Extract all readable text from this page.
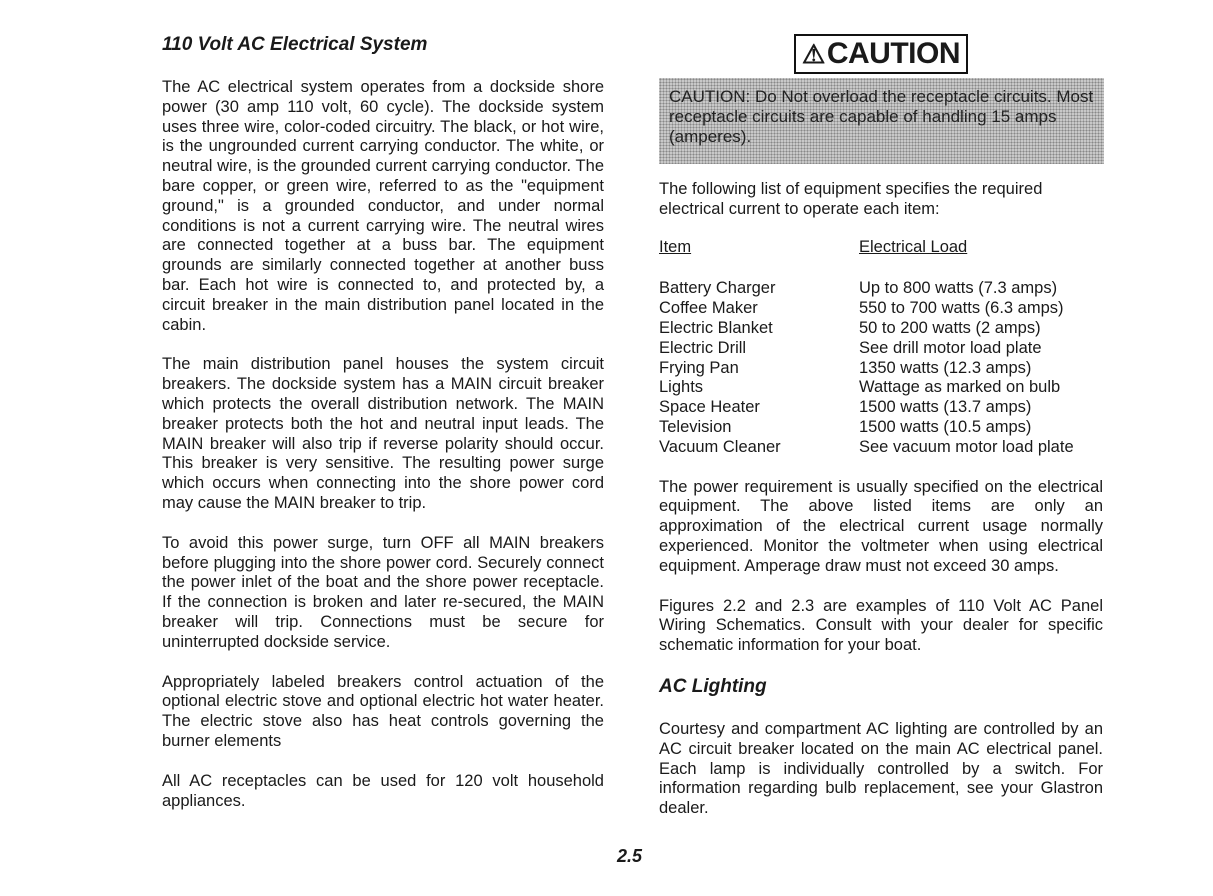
110 Volt AC Electrical System

The AC electrical system operates from a dockside shore power (30 amp 110 volt, 60 cycle). The dockside system uses three wire, color-coded circuitry. The black, or hot wire, is the ungrounded current carrying conductor. The white, or neutral wire, is the grounded current carrying conductor. The bare copper, or green wire, referred to as the "equipment ground," is a grounded conductor, and under normal conditions is not a current carrying wire. The neutral wires are connected together at a buss bar. The equipment grounds are similarly connected together at another buss bar. Each hot wire is connected to, and protected by, a circuit breaker in the main distribution panel located in the cabin.

The main distribution panel houses the system circuit breakers. The dockside system has a MAIN circuit breaker which protects the overall distribution network. The MAIN breaker protects both the hot and neutral input leads. The MAIN breaker will also trip if reverse polarity should occur. This breaker is very sensitive. The resulting power surge which occurs when connecting into the shore power cord may cause the MAIN breaker to trip.

To avoid this power surge, turn OFF all MAIN breakers before plugging into the shore power cord. Securely connect the power inlet of the boat and the shore power receptacle. If the connection is broken and later re-secured, the MAIN breaker will trip. Connections must be secure for uninterrupted dockside service.

Appropriately labeled breakers control actuation of the optional electric stove and optional electric hot water heater. The electric stove also has heat controls governing the burner elements

All AC receptacles can be used for 120 volt household appliances.

⚠ CAUTION
CAUTION: Do Not overload the receptacle circuits. Most receptacle circuits are capable of handling 15 amps (amperes).

The following list of equipment specifies the required electrical current to operate each item:

Item	Electrical Load
Battery Charger	Up to 800 watts (7.3 amps)
Coffee Maker	550 to 700 watts (6.3 amps)
Electric Blanket	50 to 200 watts (2 amps)
Electric Drill	See drill motor load plate
Frying Pan	1350 watts (12.3 amps)
Lights	Wattage as marked on bulb
Space Heater	1500 watts (13.7 amps)
Television	1500 watts (10.5 amps)
Vacuum Cleaner	See vacuum motor load plate

The power requirement is usually specified on the electrical equipment. The above listed items are only an approximation of the electrical current usage normally experienced. Monitor the voltmeter when using electrical equipment. Amperage draw must not exceed 30 amps.

Figures 2.2 and 2.3 are examples of 110 Volt AC Panel Wiring Schematics. Consult with your dealer for specific schematic information for your boat.

AC Lighting

Courtesy and compartment AC lighting are controlled by an AC circuit breaker located on the main AC electrical panel. Each lamp is individually controlled by a switch. For information regarding bulb replacement, see your Glastron dealer.

2.5
